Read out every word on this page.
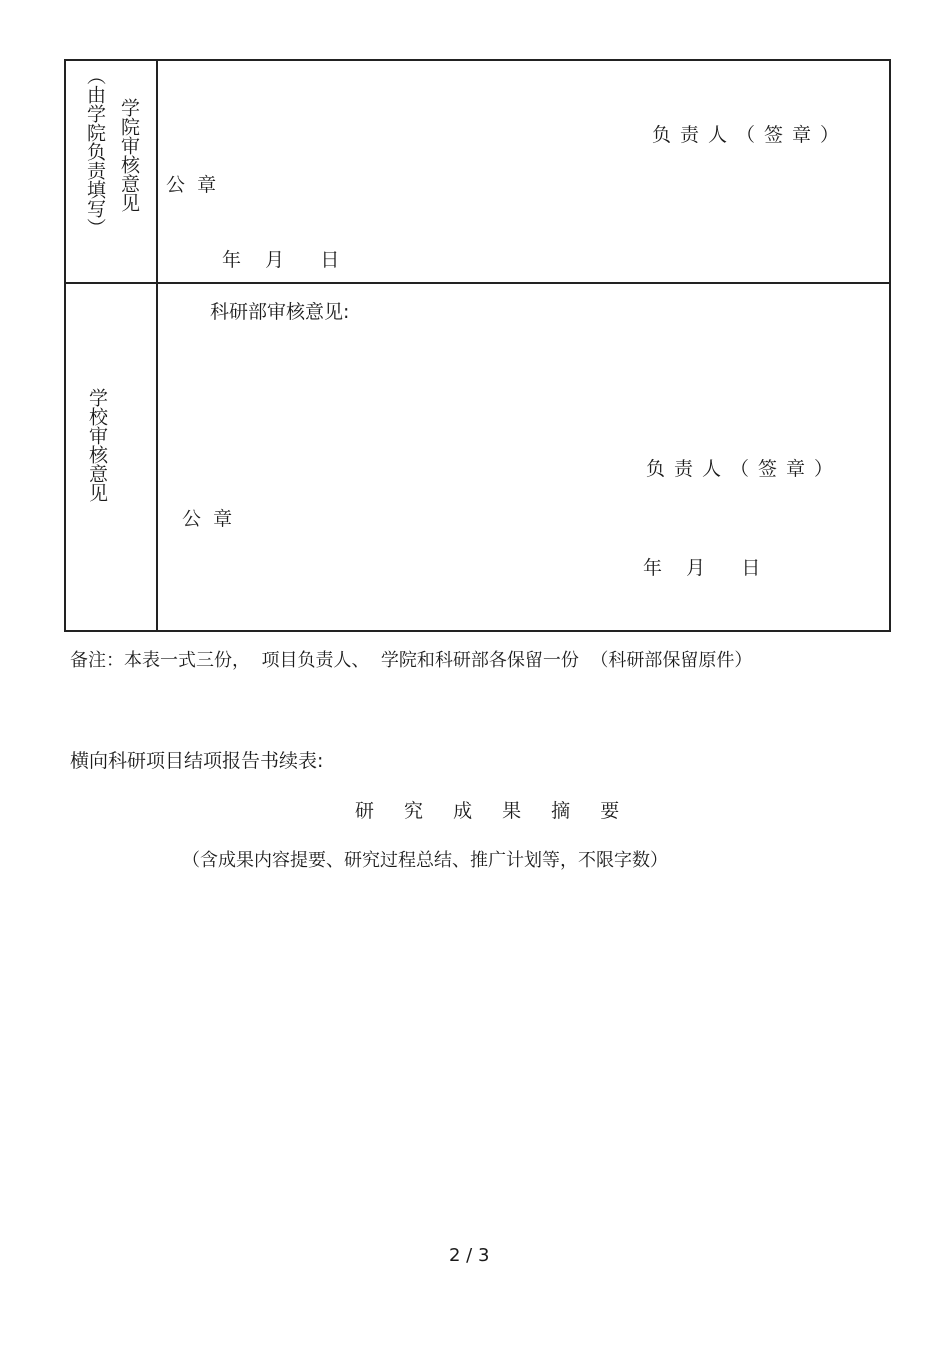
（由学院负责填写） 学院审核意见	负责人（签章）
公  章
年    月      日
学校审核意见
科研部审核意见:
负责人（签章）
公  章
年    月      日
备注：本表一式三份，  项目负责人、  学院和科研部各保留一份  （科研部保留原件）
横向科研项目结项报告书续表:
研 究 成 果 摘 要
（含成果内容提要、研究过程总结、推广计划等，不限字数）
2 / 3
